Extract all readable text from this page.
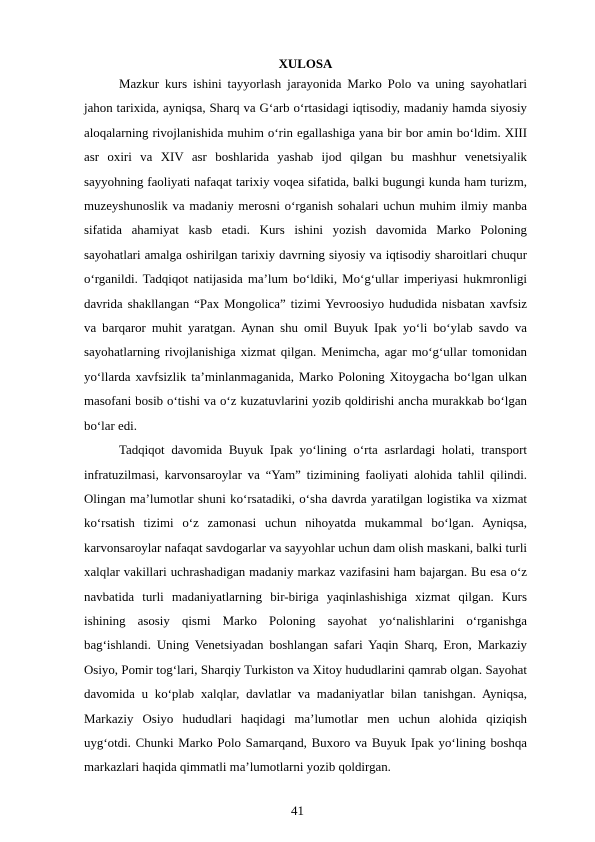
XULOSA

Mazkur kurs ishini tayyorlash jarayonida Marko Polo va uning sayohatlari jahon tarixida, ayniqsa, Sharq va G‘arb o‘rtasidagi iqtisodiy, madaniy hamda siyosiy aloqalarning rivojlanishida muhim o‘rin egallashiga yana bir bor amin bo‘ldim. XIII asr oxiri va XIV asr boshlarida yashab ijod qilgan bu mashhur venetsiyalik sayyohning faoliyati nafaqat tarixiy voqea sifatida, balki bugungi kunda ham turizm, muzeyshunoslik va madaniy merosni o‘rganish sohalari uchun muhim ilmiy manba sifatida ahamiyat kasb etadi. Kurs ishini yozish davomida Marko Poloning sayohatlari amalga oshirilgan tarixiy davrning siyosiy va iqtisodiy sharoitlari chuqur o‘rganildi. Tadqiqot natijasida ma’lum bo‘ldiki, Mo‘g‘ullar imperiyasi hukmronligi davrida shakllangan “Pax Mongolica” tizimi Yevroosiyo hududida nisbatan xavfsiz va barqaror muhit yaratgan. Aynan shu omil Buyuk Ipak yo‘li bo‘ylab savdo va sayohatlarning rivojlanishiga xizmat qilgan. Menimcha, agar mo‘g‘ullar tomonidan yo‘llarda xavfsizlik ta’minlanmaganida, Marko Poloning Xitoygacha bo‘lgan ulkan masofani bosib o‘tishi va o‘z kuzatuvlarini yozib qoldirishi ancha murakkab bo‘lgan bo‘lar edi.

Tadqiqot davomida Buyuk Ipak yo‘lining o‘rta asrlardagi holati, transport infratuzilmasi, karvonsaroylar va “Yam” tizimining faoliyati alohida tahlil qilindi. Olingan ma’lumotlar shuni ko‘rsatadiki, o‘sha davrda yaratilgan logistika va xizmat ko‘rsatish tizimi o‘z zamonasi uchun nihoyatda mukammal bo‘lgan. Ayniqsa, karvonsaroylar nafaqat savdogarlar va sayyohlar uchun dam olish maskani, balki turli xalqlar vakillari uchrashadigan madaniy markaz vazifasini ham bajargan. Bu esa o‘z navbatida turli madaniyatlarning bir-biriga yaqinlashishiga xizmat qilgan. Kurs ishining asosiy qismi Marko Poloning sayohat yo‘nalishlarini o‘rganishga bag‘ishlandi. Uning Venetsiyadan boshlangan safari Yaqin Sharq, Eron, Markaziy Osiyo, Pomir tog‘lari, Sharqiy Turkiston va Xitoy hududlarini qamrab olgan. Sayohat davomida u ko‘plab xalqlar, davlatlar va madaniyatlar bilan tanishgan. Ayniqsa, Markaziy Osiyo hududlari haqidagi ma’lumotlar men uchun alohida qiziqish uyg‘otdi. Chunki Marko Polo Samarqand, Buxoro va Buyuk Ipak yo‘lining boshqa markazlari haqida qimmatli ma’lumotlarni yozib qoldirgan.

41
